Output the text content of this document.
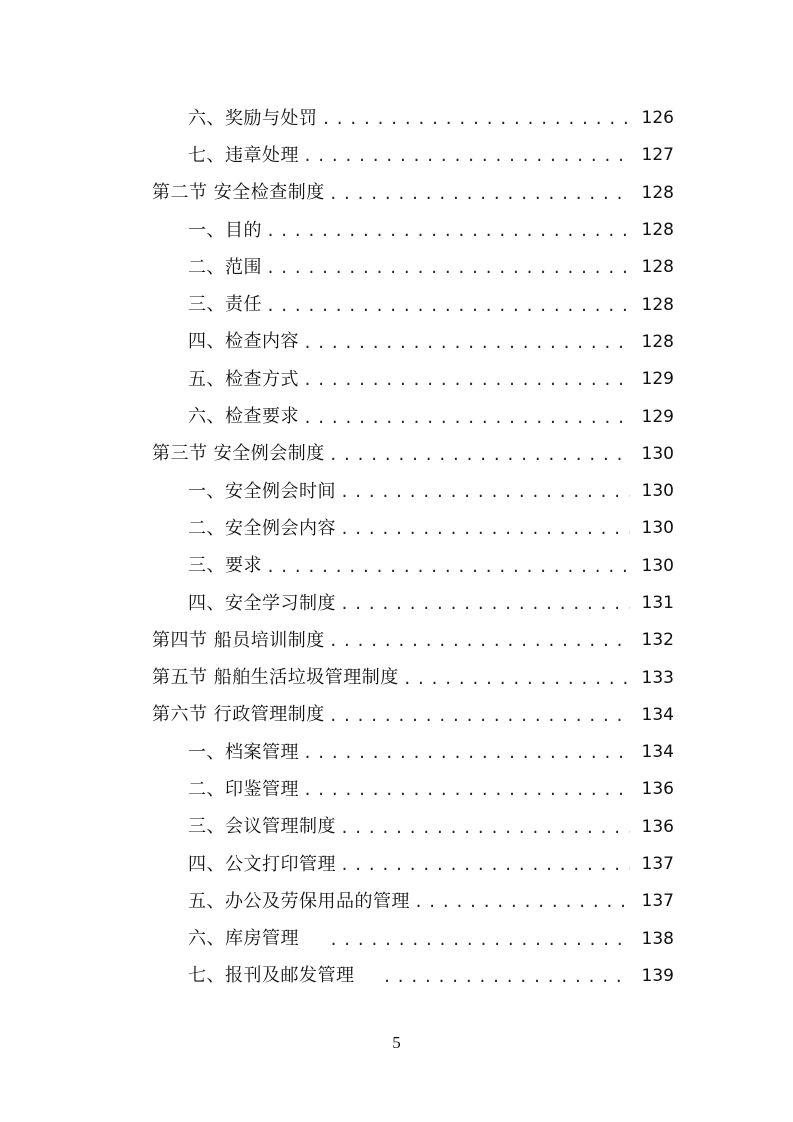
六、奖励与处罚 .....	126
七、违章处理 .....	127
第二节 安全检查制度 .....	128
一、目的 .....	128
二、范围 .....	128
三、责任 .....	128
四、检查内容 .....	128
五、检查方式 .....	129
六、检查要求 .....	129
第三节 安全例会制度 .....	130
一、安全例会时间 .....	130
二、安全例会内容 .....	130
三、要求 .....	130
四、安全学习制度 .....	131
第四节 船员培训制度 .....	132
第五节 船舶生活垃圾管理制度 .....	133
第六节 行政管理制度 .....	134
一、档案管理 .....	134
二、印鉴管理 .....	136
三、会议管理制度 .....	136
四、公文打印管理 .....	137
五、办公及劳保用品的管理 .....	137
六、库房管理 .....	138
七、报刊及邮发管理 .....	139
5
